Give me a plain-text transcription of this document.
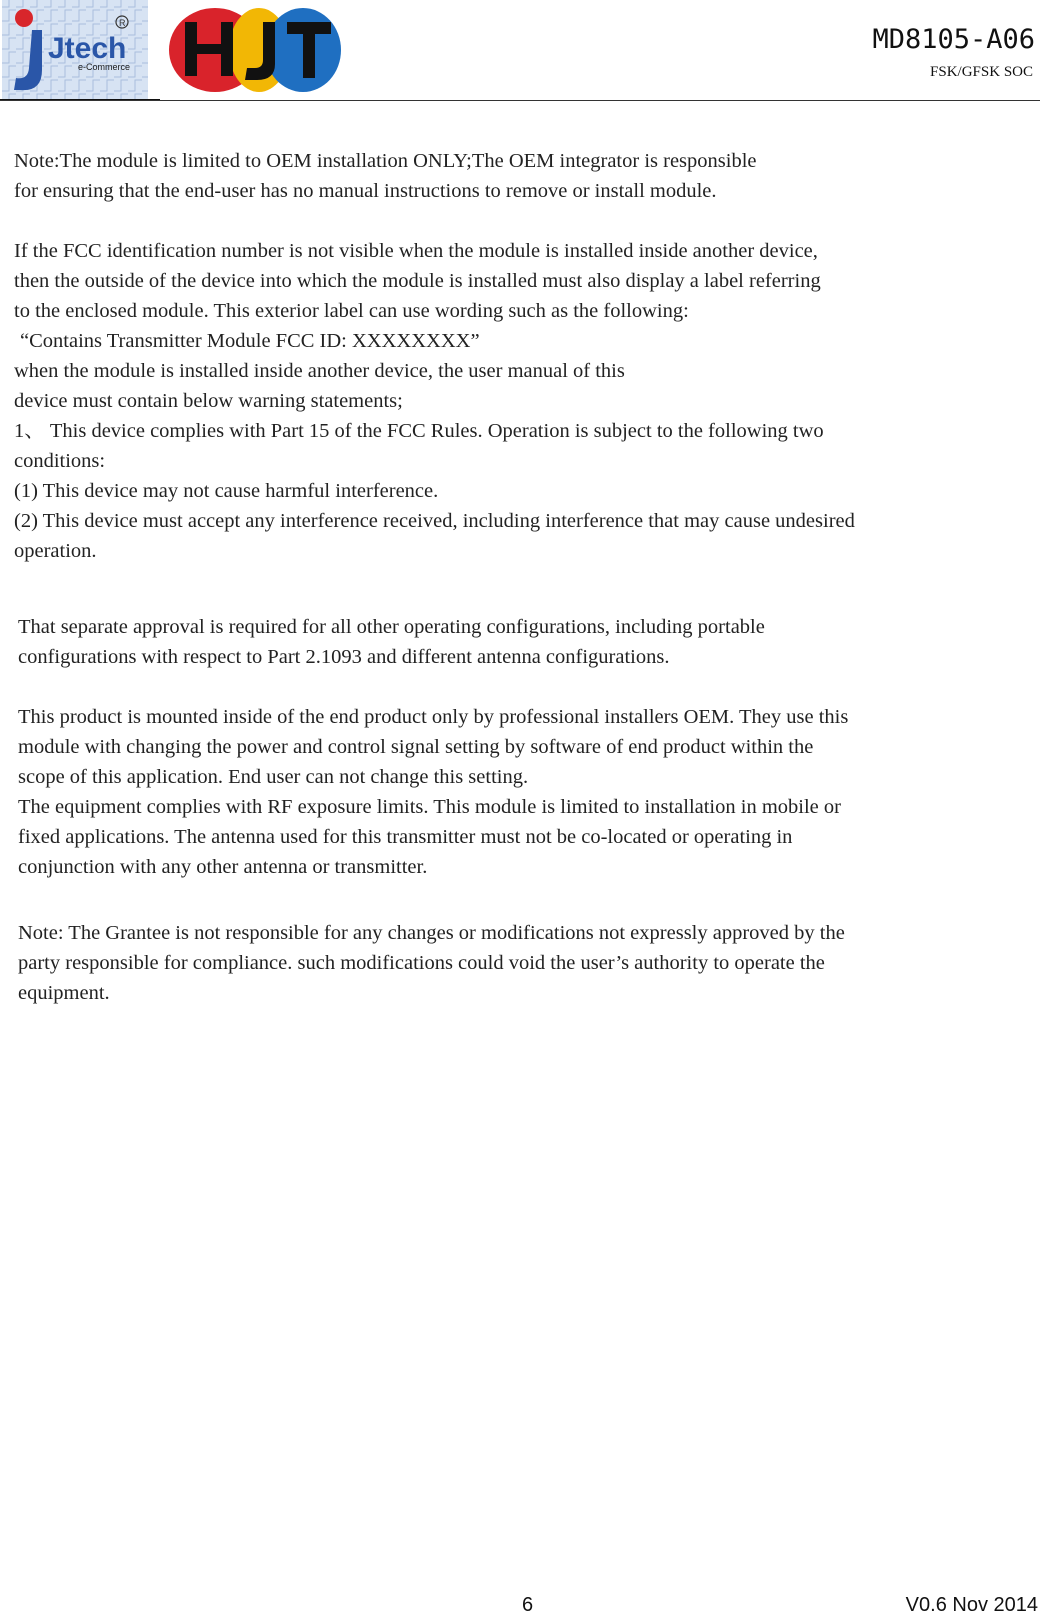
Jtech
e-Commerce
R
HJT
MD8105-A06
FSK/GFSK SOC
Note:The module is limited to OEM installation ONLY;The OEM integrator is responsible
for ensuring that the end-user has no manual instructions to remove or install module.
If the FCC identification number is not visible when the module is installed inside another device,
then the outside of the device into which the module is installed must also display a label referring
to the enclosed module. This exterior label can use wording such as the following:
“Contains Transmitter Module FCC ID: XXXXXXXX”
when the module is installed inside another device, the user manual of this
device must contain below warning statements;
1、 This device complies with Part 15 of the FCC Rules. Operation is subject to the following two
conditions:
(1) This device may not cause harmful interference.
(2) This device must accept any interference received, including interference that may cause undesired
operation.
That separate approval is required for all other operating configurations, including portable
configurations with respect to Part 2.1093 and different antenna configurations.
This product is mounted inside of the end product only by professional installers OEM. They use this
module with changing the power and control signal setting by software of end product within the
scope of this application. End user can not change this setting.
The equipment complies with RF exposure limits. This module is limited to installation in mobile or
fixed applications. The antenna used for this transmitter must not be co-located or operating in
conjunction with any other antenna or transmitter.
Note: The Grantee is not responsible for any changes or modifications not expressly approved by the
party responsible for compliance. such modifications could void the user’s authority to operate the
equipment.
6	V0.6 Nov 2014
